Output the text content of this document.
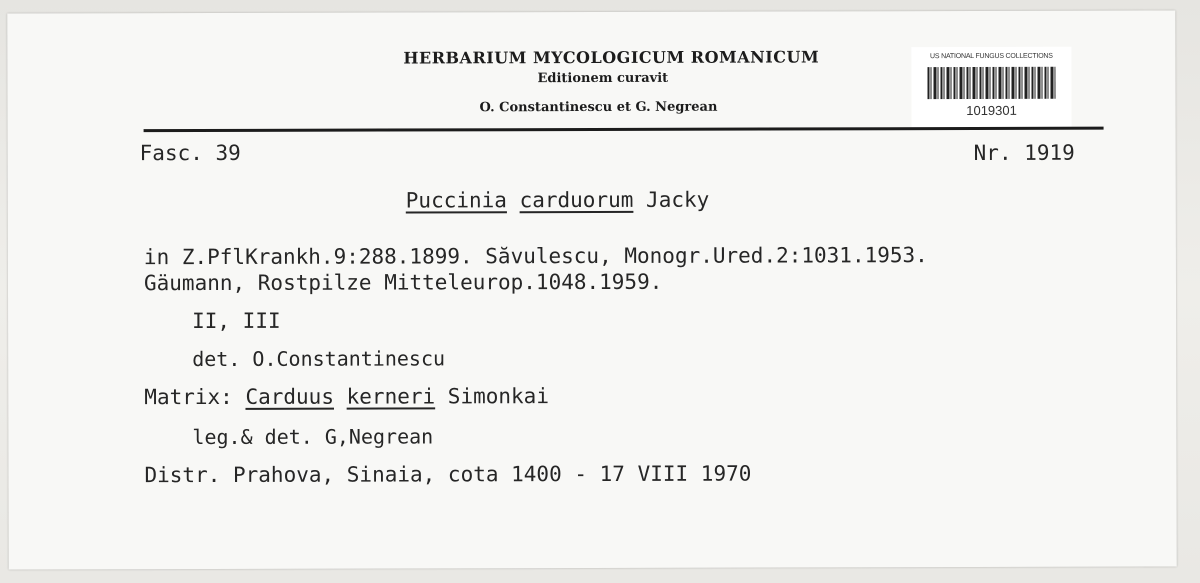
HERBARIUM MYCOLOGICUM ROMANICUM
Editionem curavit
O. Constantinescu et G. Negrean
US NATIONAL FUNGUS COLLECTIONS
1019301
Fasc. 39	Nr. 1919
Puccinia carduorum Jacky
in Z.PflKrankh.9:288.1899. Săvulescu, Monogr.Ured.2:1031.1953.
Gäumann, Rostpilze Mitteleurop.1048.1959.
II, III
det. O.Constantinescu
Matrix: Carduus kerneri Simonkai
leg.& det. G,Negrean
Distr. Prahova, Sinaia, cota 1400 - 17 VIII 1970
